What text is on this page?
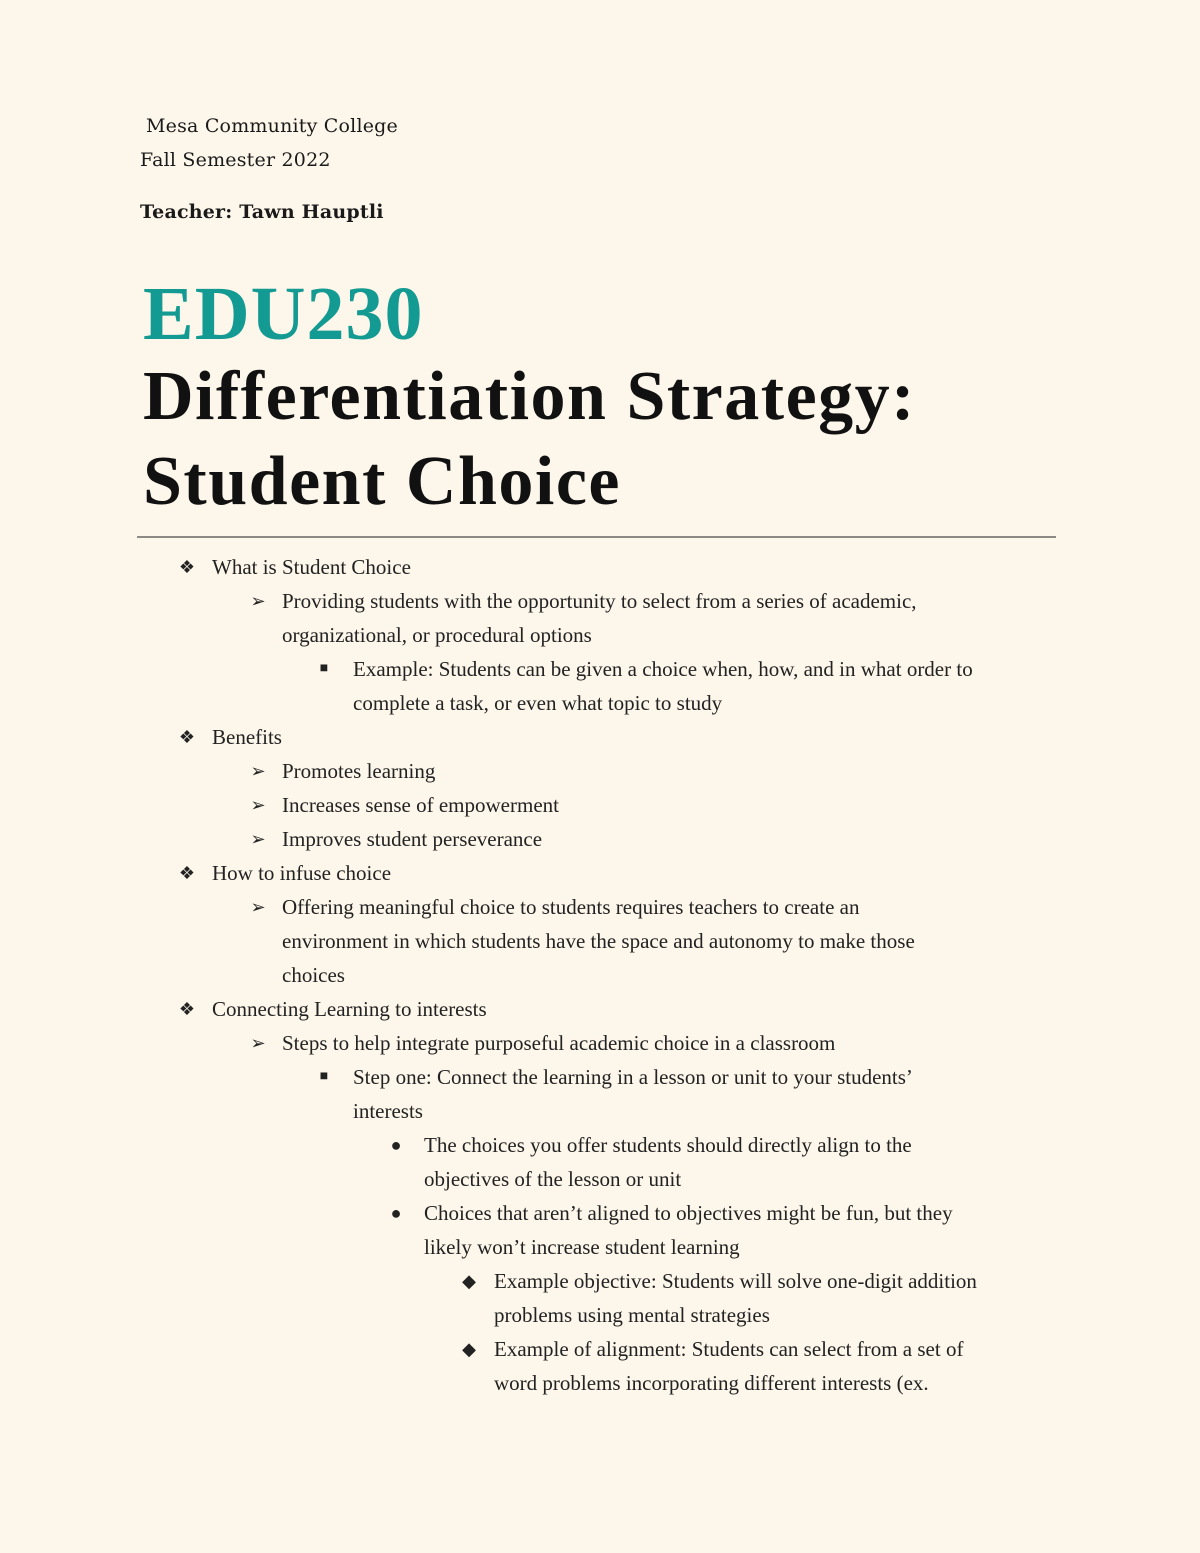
Mesa Community College
Fall Semester 2022
Teacher: Tawn Hauptli
EDU230
Differentiation Strategy:
Student Choice
❖ What is Student Choice
➢ Providing students with the opportunity to select from a series of academic,
organizational, or procedural options
■	Example: Students can be given a choice when, how, and in what order to
complete a task, or even what topic to study
❖ Benefits
➢ Promotes learning
➢ Increases sense of empowerment
➢ Improves student perseverance
❖ How to infuse choice
➢ Offering meaningful choice to students requires teachers to create an
environment in which students have the space and autonomy to make those
choices
❖ Connecting Learning to interests
➢ Steps to help integrate purposeful academic choice in a classroom
■	Step one: Connect the learning in a lesson or unit to your students’
interests
● The choices you offer students should directly align to the
objectives of the lesson or unit
● Choices that aren’t aligned to objectives might be fun, but they
likely won’t increase student learning
◆ Example objective: Students will solve one-digit addition
problems using mental strategies
◆ Example of alignment: Students can select from a set of
word problems incorporating different interests (ex.
